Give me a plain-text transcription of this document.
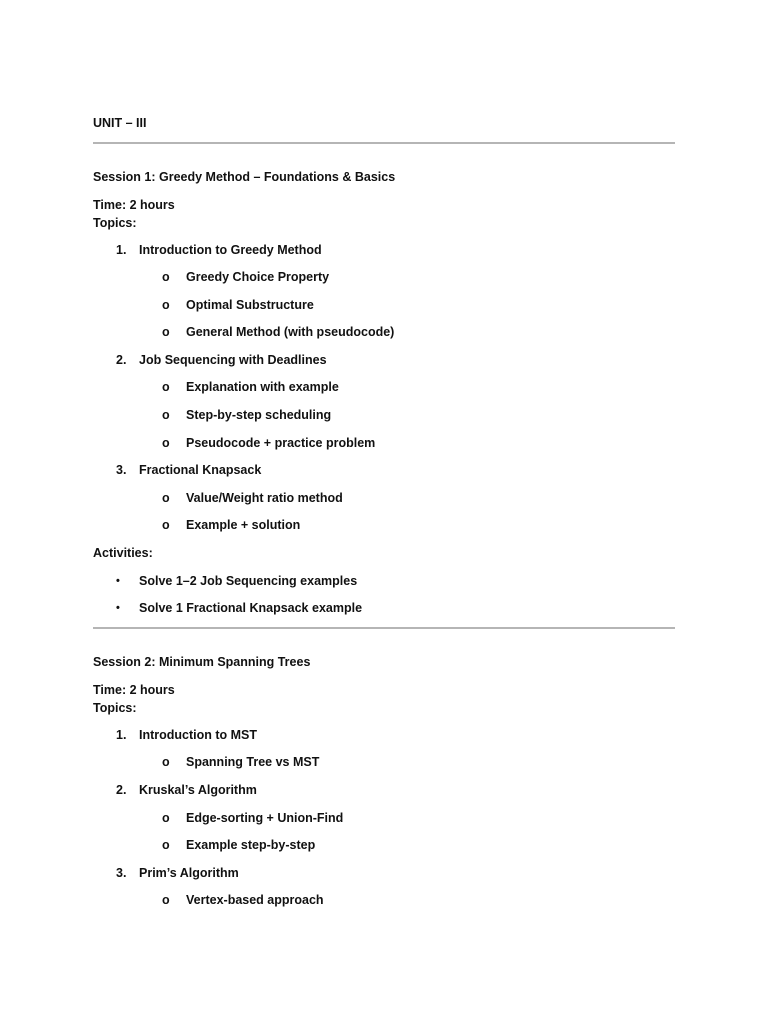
UNIT – III
Session 1: Greedy Method – Foundations & Basics
Time: 2 hours
Topics:
1. Introduction to Greedy Method
o Greedy Choice Property
o Optimal Substructure
o General Method (with pseudocode)
2. Job Sequencing with Deadlines
o Explanation with example
o Step-by-step scheduling
o Pseudocode + practice problem
3. Fractional Knapsack
o Value/Weight ratio method
o Example + solution
Activities:
• Solve 1–2 Job Sequencing examples
• Solve 1 Fractional Knapsack example
Session 2: Minimum Spanning Trees
Time: 2 hours
Topics:
1. Introduction to MST
o Spanning Tree vs MST
2. Kruskal’s Algorithm
o Edge-sorting + Union-Find
o Example step-by-step
3. Prim’s Algorithm
o Vertex-based approach
